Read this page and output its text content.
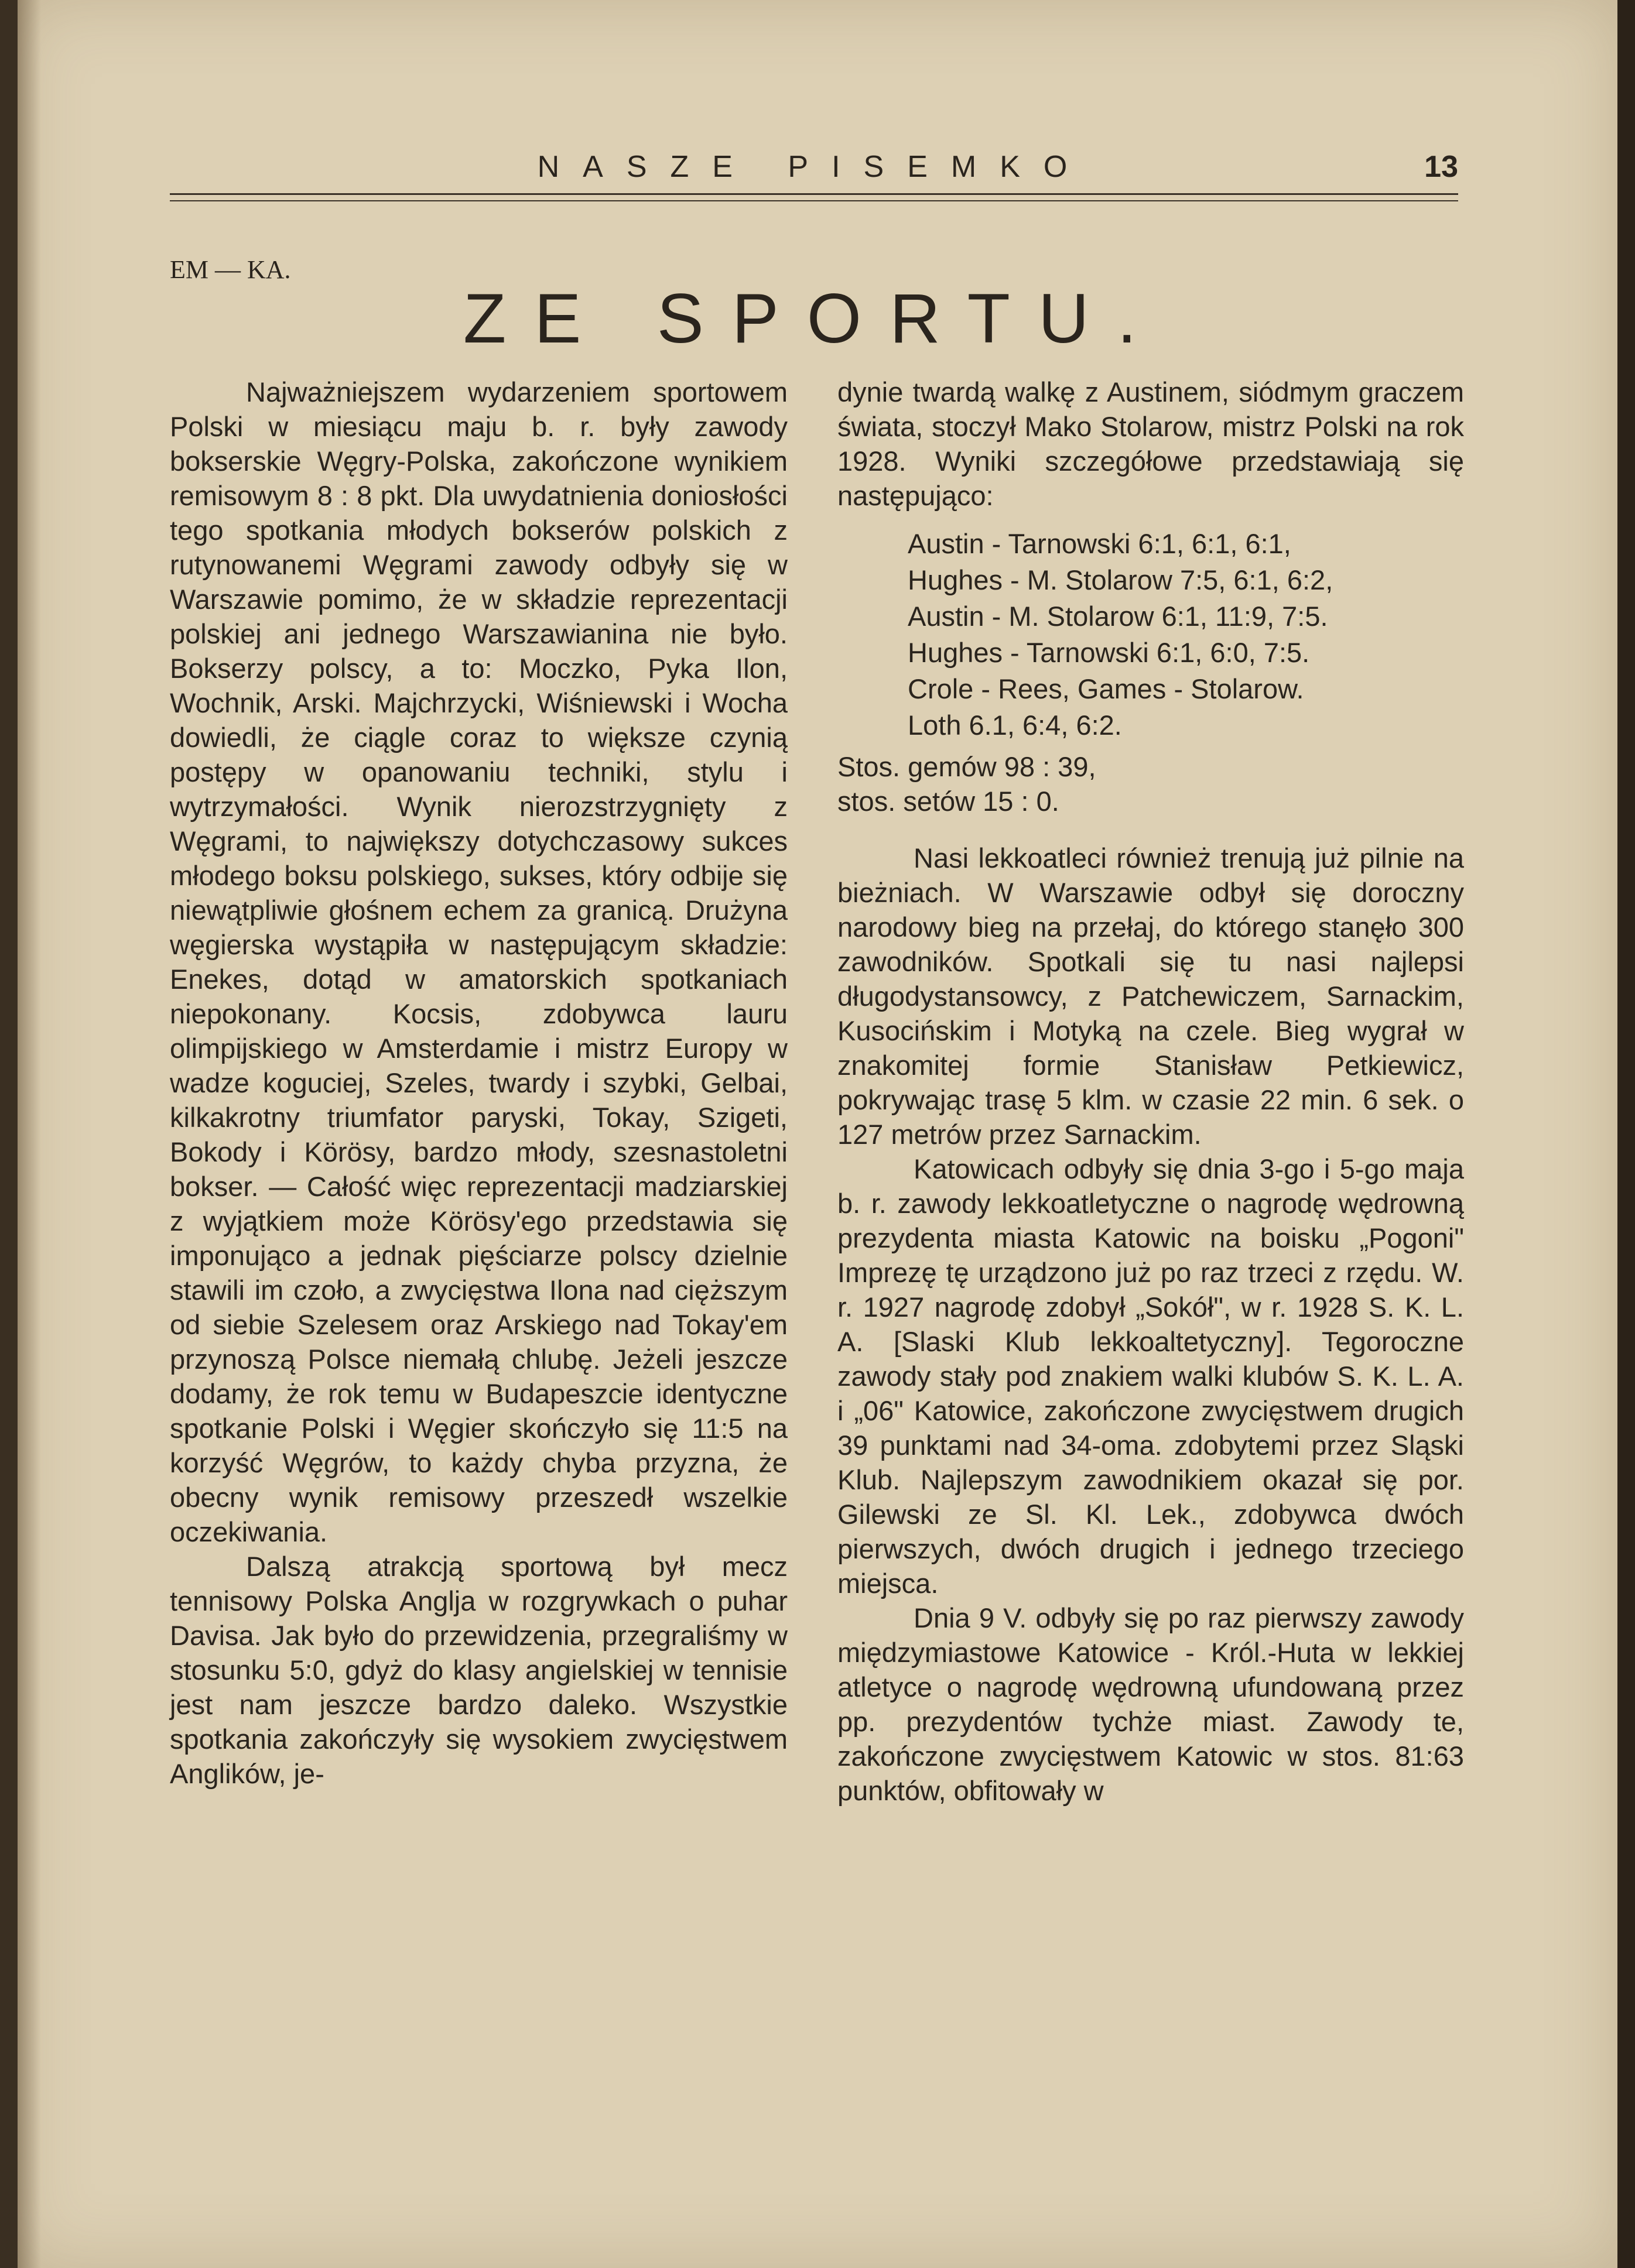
NASZE PISEMKO	13
EM — KA.
ZE SPORTU.

Najważniejszem wydarzeniem sportowem Polski w miesiącu maju b. r. były zawody bokserskie Węgry-Polska, zakończone wynikiem remisowym 8 : 8 pkt. Dla uwydatnienia doniosłości tego spotkania młodych bokserów polskich z rutynowanemi Węgrami zawody odbyły się w Warszawie pomimo, że w składzie reprezentacji polskiej ani jednego Warszawianina nie było. Bokserzy polscy, a to: Moczko, Pyka Ilon, Wochnik, Arski. Majchrzycki, Wiśniewski i Wocha dowiedli, że ciągle coraz to większe czynią postępy w opanowaniu techniki, stylu i wytrzymałości. Wynik nierozstrzygnięty z Węgrami, to największy dotychczasowy sukces młodego boksu polskiego, sukses, który odbije się niewątpliwie głośnem echem za granicą. Drużyna węgierska wystąpiła w następującym składzie: Enekes, dotąd w amatorskich spotkaniach niepokonany. Kocsis, zdobywca lauru olimpijskiego w Amsterdamie i mistrz Europy w wadze koguciej, Szeles, twardy i szybki, Gelbai, kilkakrotny triumfator paryski, Tokay, Szigeti, Bokody i Körösy, bardzo młody, szesnastoletni bokser. — Całość więc reprezentacji madziarskiej z wyjątkiem może Körösy'ego przedstawia się imponująco a jednak pięściarze polscy dzielnie stawili im czoło, a zwycięstwa Ilona nad cięższym od siebie Szelesem oraz Arskiego nad Tokay'em przynoszą Polsce niemałą chlubę. Jeżeli jeszcze dodamy, że rok temu w Budapeszcie identyczne spotkanie Polski i Węgier skończyło się 11:5 na korzyść Węgrów, to każdy chyba przyzna, że obecny wynik remisowy przeszedł wszelkie oczekiwania.

Dalszą atrakcją sportową był mecz tennisowy Polska Anglja w rozgrywkach o puhar Davisa. Jak było do przewidzenia, przegraliśmy w stosunku 5:0, gdyż do klasy angielskiej w tennisie jest nam jeszcze bardzo daleko. Wszystkie spotkania zakończyły się wysokiem zwycięstwem Anglików, je-

dynie twardą walkę z Austinem, siódmym graczem świata, stoczył Mako Stolarow, mistrz Polski na rok 1928. Wyniki szczegółowe przedstawiają się następująco:

Austin - Tarnowski 6:1, 6:1, 6:1,
Hughes - M. Stolarow 7:5, 6:1, 6:2,
Austin - M. Stolarow 6:1, 11:9, 7:5.
Hughes - Tarnowski 6:1, 6:0, 7:5.
Crole - Rees, Games - Stolarow.
Loth 6.1, 6:4, 6:2.
Stos. gemów 98 : 39,
stos. setów 15 : 0.

Nasi lekkoatleci również trenują już pilnie na bieżniach. W Warszawie odbył się doroczny narodowy bieg na przełaj, do którego stanęło 300 zawodników. Spotkali się tu nasi najlepsi długodystansowcy, z Patchewiczem, Sarnackim, Kusocińskim i Motyką na czele. Bieg wygrał w znakomitej formie Stanisław Petkiewicz, pokrywając trasę 5 klm. w czasie 22 min. 6 sek. o 127 metrów przez Sarnackim.

Katowicach odbyły się dnia 3-go i 5-go maja b. r. zawody lekkoatletyczne o nagrodę wędrowną prezydenta miasta Katowic na boisku „Pogoni" Imprezę tę urządzono już po raz trzeci z rzędu. W. r. 1927 nagrodę zdobył „Sokół", w r. 1928 S. K. L. A. [Slaski Klub lekkoaltetyczny]. Tegoroczne zawody stały pod znakiem walki klubów S. K. L. A. i „06" Katowice, zakończone zwycięstwem drugich 39 punktami nad 34-oma. zdobytemi przez Sląski Klub. Najlepszym zawodnikiem okazał się por. Gilewski ze Sl. Kl. Lek., zdobywca dwóch pierwszych, dwóch drugich i jednego trzeciego miejsca.

Dnia 9 V. odbyły się po raz pierwszy zawody międzymiastowe Katowice - Król.-Huta w lekkiej atletyce o nagrodę wędrowną ufundowaną przez pp. prezydentów tychże miast. Zawody te, zakończone zwycięstwem Katowic w stos. 81:63 punktów, obfitowały w
